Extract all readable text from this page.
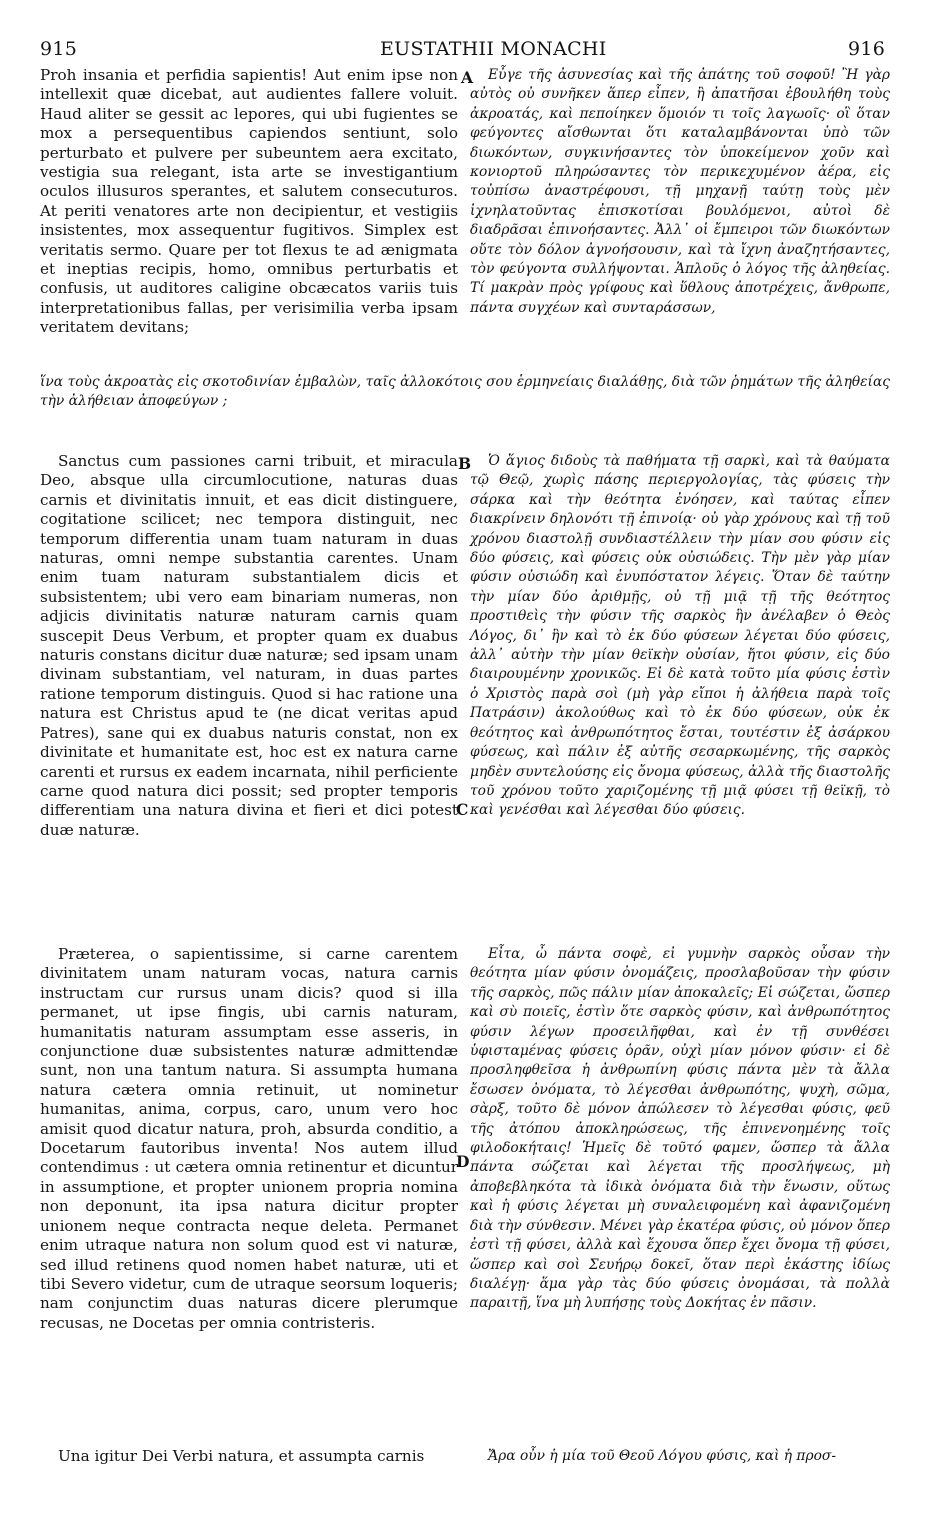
915	EUSTATHII MONACHI	916
A
B
C
D

Proh insania et perfidia sapientis! Aut enim ipse non intellexit quæ dicebat, aut audientes fallere voluit. Haud aliter se gessit ac lepores, qui ubi fugientes se mox a persequentibus capiendos sentiunt, solo perturbato et pulvere per subeuntem aera excitato, vestigia sua relegant, ista arte se investigantium oculos illusuros sperantes, et salutem consecuturos. At periti venatores arte non decipientur, et vestigiis insistentes, mox assequentur fugitivos. Simplex est veritatis sermo. Quare per tot flexus te ad ænigmata et ineptias recipis, homo, omnibus perturbatis et confusis, ut auditores caligine obcæcatos variis tuis interpretationibus fallas, per verisimilia verba ipsam veritatem devitans;

Sanctus cum passiones carni tribuit, et miracula Deo, absque ulla circumlocutione, naturas duas carnis et divinitatis innuit, et eas dicit distinguere, cogitatione scilicet; nec tempora distinguit, nec temporum differentia unam tuam naturam in duas naturas, omni nempe substantia carentes. Unam enim tuam naturam substantialem dicis et subsistentem; ubi vero eam binariam numeras, non adjicis divinitatis naturæ naturam carnis quam suscepit Deus Verbum, et propter quam ex duabus naturis constans dicitur duæ naturæ; sed ipsam unam divinam substantiam, vel naturam, in duas partes ratione temporum distinguis. Quod si hac ratione una natura est Christus apud te (ne dicat veritas apud Patres), sane qui ex duabus naturis constat, non ex divinitate et humanitate est, hoc est ex natura carne carenti et rursus ex eadem incarnata, nihil perficiente carne quod natura dici possit; sed propter temporis differentiam una natura divina et fieri et dici potest duæ naturæ.

Præterea, o sapientissime, si carne carentem divinitatem unam naturam vocas, natura carnis instructam cur rursus unam dicis? quod si illa permanet, ut ipse fingis, ubi carnis naturam, humanitatis naturam assumptam esse asseris, in conjunctione duæ subsistentes naturæ admittendæ sunt, non una tantum natura. Si assumpta humana natura cætera omnia retinuit, ut nominetur humanitas, anima, corpus, caro, unum vero hoc amisit quod dicatur natura, proh, absurda conditio, a Docetarum fautoribus inventa! Nos autem illud contendimus : ut cætera omnia retinentur et dicuntur in assumptione, et propter unionem propria nomina non deponunt, ita ipsa natura dicitur propter unionem neque contracta neque deleta. Permanet enim utraque natura non solum quod est vi naturæ, sed illud retinens quod nomen habet naturæ, uti et tibi Severo videtur, cum de utraque seorsum loqueris; nam conjunctim duas naturas dicere plerumque recusas, ne Docetas per omnia contristeris.

Una igitur Dei Verbi natura, et assumpta carnis

Εὖγε τῆς ἀσυνεσίας καὶ τῆς ἀπάτης τοῦ σοφοῦ! Ἢ γὰρ αὐτὸς οὐ συνῆκεν ἅπερ εἶπεν, ἢ ἀπατῆσαι ἐβουλήθη τοὺς ἀκροατάς, καὶ πεποίηκεν ὅμοιόν τι τοῖς λαγωοῖς· οἳ ὅταν φεύγοντες αἴσθωνται ὅτι καταλαμβάνονται ὑπὸ τῶν διωκόντων, συγκινήσαντες τὸν ὑποκείμενον χοῦν καὶ κονιορτοῦ πληρώσαντες τὸν περικεχυμένον ἀέρα, εἰς τοὐπίσω ἀναστρέφουσι, τῇ μηχανῇ ταύτῃ τοὺς μὲν ἰχνηλατοῦντας ἐπισκοτίσαι βουλόμενοι, αὐτοὶ δὲ διαδρᾶσαι ἐπινοήσαντες. Ἀλλ᾽ οἱ ἔμπειροι τῶν διωκόντων οὔτε τὸν δόλον ἀγνοήσουσιν, καὶ τὰ ἴχνη ἀναζητήσαντες, τὸν φεύγοντα συλλήψονται. Ἁπλοῦς ὁ λόγος τῆς ἀληθείας. Τί μακρὰν πρὸς γρίφους καὶ ὕθλους ἀποτρέχεις, ἄνθρωπε, πάντα συγχέων καὶ συνταράσσων,

ἵνα τοὺς ἀκροατὰς εἰς σκοτοδινίαν ἐμβαλὼν, ταῖς ἀλλοκότοις σου ἑρμηνείαις διαλάθῃς, διὰ τῶν ῥημάτων τῆς ἀληθείας τὴν ἀλήθειαν ἀποφεύγων ;

Ὁ ἅγιος διδοὺς τὰ παθήματα τῇ σαρκὶ, καὶ τὰ θαύματα τῷ Θεῷ, χωρὶς πάσης περιεργολογίας, τὰς φύσεις τὴν σάρκα καὶ τὴν θεότητα ἐνόησεν, καὶ ταύτας εἶπεν διακρίνειν δηλονότι τῇ ἐπινοίᾳ· οὐ γὰρ χρόνους καὶ τῇ τοῦ χρόνου διαστολῇ συνδιαστέλλειν τὴν μίαν σου φύσιν εἰς δύο φύσεις, καὶ φύσεις οὐκ οὐσιώδεις. Τὴν μὲν γὰρ μίαν φύσιν οὐσιώδη καὶ ἐνυπόστατον λέγεις. Ὅταν δὲ ταύτην τὴν μίαν δύο ἀριθμῇς, οὐ τῇ μιᾷ τῇ τῆς θεότητος προστιθεὶς τὴν φύσιν τῆς σαρκὸς ἣν ἀνέλαβεν ὁ Θεὸς Λόγος, δι᾽ ἣν καὶ τὸ ἐκ δύο φύσεων λέγεται δύο φύσεις, ἀλλ᾽ αὐτὴν τὴν μίαν θεϊκὴν οὐσίαν, ἤτοι φύσιν, εἰς δύο διαιρουμένην χρονικῶς. Εἰ δὲ κατὰ τοῦτο μία φύσις ἐστὶν ὁ Χριστὸς παρὰ σοὶ (μὴ γὰρ εἴποι ἡ ἀλήθεια παρὰ τοῖς Πατράσιν) ἀκολούθως καὶ τὸ ἐκ δύο φύσεων, οὐκ ἐκ θεότητος καὶ ἀνθρωπότητος ἔσται, τουτέστιν ἐξ ἀσάρκου φύσεως, καὶ πάλιν ἐξ αὐτῆς σεσαρκωμένης, τῆς σαρκὸς μηδὲν συντελούσης εἰς ὄνομα φύσεως, ἀλλὰ τῆς διαστολῆς τοῦ χρόνου τοῦτο χαριζομένης τῇ μιᾷ φύσει τῇ θεϊκῇ, τὸ καὶ γενέσθαι καὶ λέγεσθαι δύο φύσεις.

Εἶτα, ὦ πάντα σοφὲ, εἰ γυμνὴν σαρκὸς οὖσαν τὴν θεότητα μίαν φύσιν ὀνομάζεις, προσλαβοῦσαν τὴν φύσιν τῆς σαρκὸς, πῶς πάλιν μίαν ἀποκαλεῖς; Εἰ σώζεται, ὥσπερ καὶ σὺ ποιεῖς, ἐστὶν ὅτε σαρκὸς φύσιν, καὶ ἀνθρωπότητος φύσιν λέγων προσειλῆφθαι, καὶ ἐν τῇ συνθέσει ὑφισταμένας φύσεις ὁρᾶν, οὐχὶ μίαν μόνον φύσιν· εἰ δὲ προσληφθεῖσα ἡ ἀνθρωπίνη φύσις πάντα μὲν τὰ ἄλλα ἔσωσεν ὀνόματα, τὸ λέγεσθαι ἀνθρωπότης, ψυχὴ, σῶμα, σὰρξ, τοῦτο δὲ μόνον ἀπώλεσεν τὸ λέγεσθαι φύσις, φεῦ τῆς ἀτόπου ἀποκληρώσεως, τῆς ἐπινενοημένης τοῖς φιλοδοκήταις! Ἡμεῖς δὲ τοῦτό φαμεν, ὥσπερ τὰ ἄλλα πάντα σώζεται καὶ λέγεται τῆς προσλήψεως, μὴ ἀποβεβληκότα τὰ ἰδικὰ ὀνόματα διὰ τὴν ἕνωσιν, οὕτως καὶ ἡ φύσις λέγεται μὴ συναλειφομένη καὶ ἀφανιζομένη διὰ τὴν σύνθεσιν. Μένει γὰρ ἑκατέρα φύσις, οὐ μόνον ὅπερ ἐστὶ τῇ φύσει, ἀλλὰ καὶ ἔχουσα ὅπερ ἔχει ὄνομα τῇ φύσει, ὥσπερ καὶ σοὶ Σευήρῳ δοκεῖ, ὅταν περὶ ἑκάστης ἰδίως διαλέγῃ· ἅμα γὰρ τὰς δύο φύσεις ὀνομάσαι, τὰ πολλὰ παραιτῇ, ἵνα μὴ λυπήσῃς τοὺς Δοκήτας ἐν πᾶσιν.

Ἄρα οὖν ἡ μία τοῦ Θεοῦ Λόγου φύσις, καὶ ἡ προσ-
